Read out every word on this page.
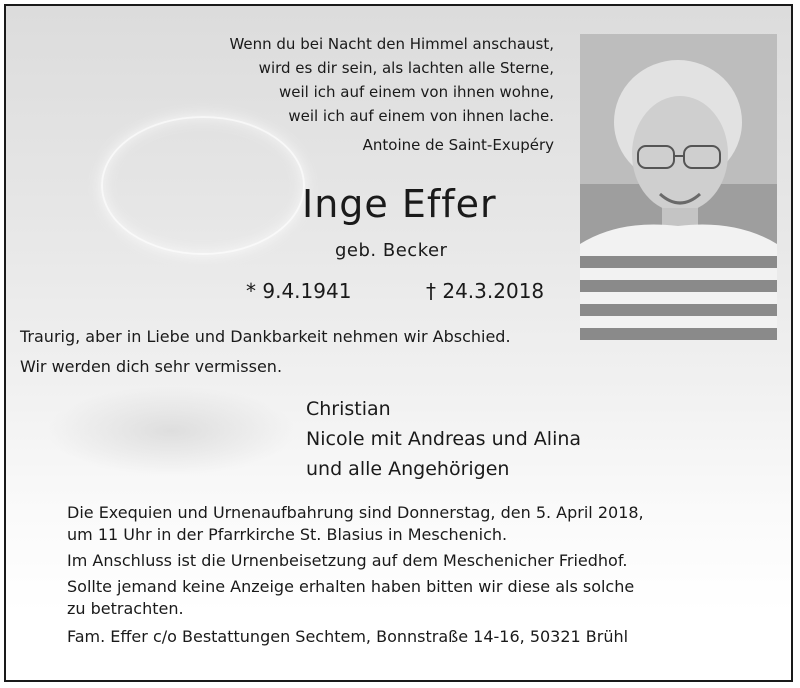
Wenn du bei Nacht den Himmel anschaust,
wird es dir sein, als lachten alle Sterne,
weil ich auf einem von ihnen wohne,
weil ich auf einem von ihnen lache.
Antoine de Saint-Exupéry
Inge Effer
geb. Becker
* 9.4.1941	† 24.3.2018
Traurig, aber in Liebe und Dankbarkeit nehmen wir Abschied.
Wir werden dich sehr vermissen.
Christian
Nicole mit Andreas und Alina
und alle Angehörigen

Die Exequien und Urnenaufbahrung sind Donnerstag, den 5. April 2018,

um 11 Uhr in der Pfarrkirche St. Blasius in Meschenich.

Im Anschluss ist die Urnenbeisetzung auf dem Meschenicher Friedhof.

Sollte jemand keine Anzeige erhalten haben bitten wir diese als solche

zu betrachten.

Fam. Effer c/o Bestattungen Sechtem, Bonnstraße 14-16, 50321 Brühl
